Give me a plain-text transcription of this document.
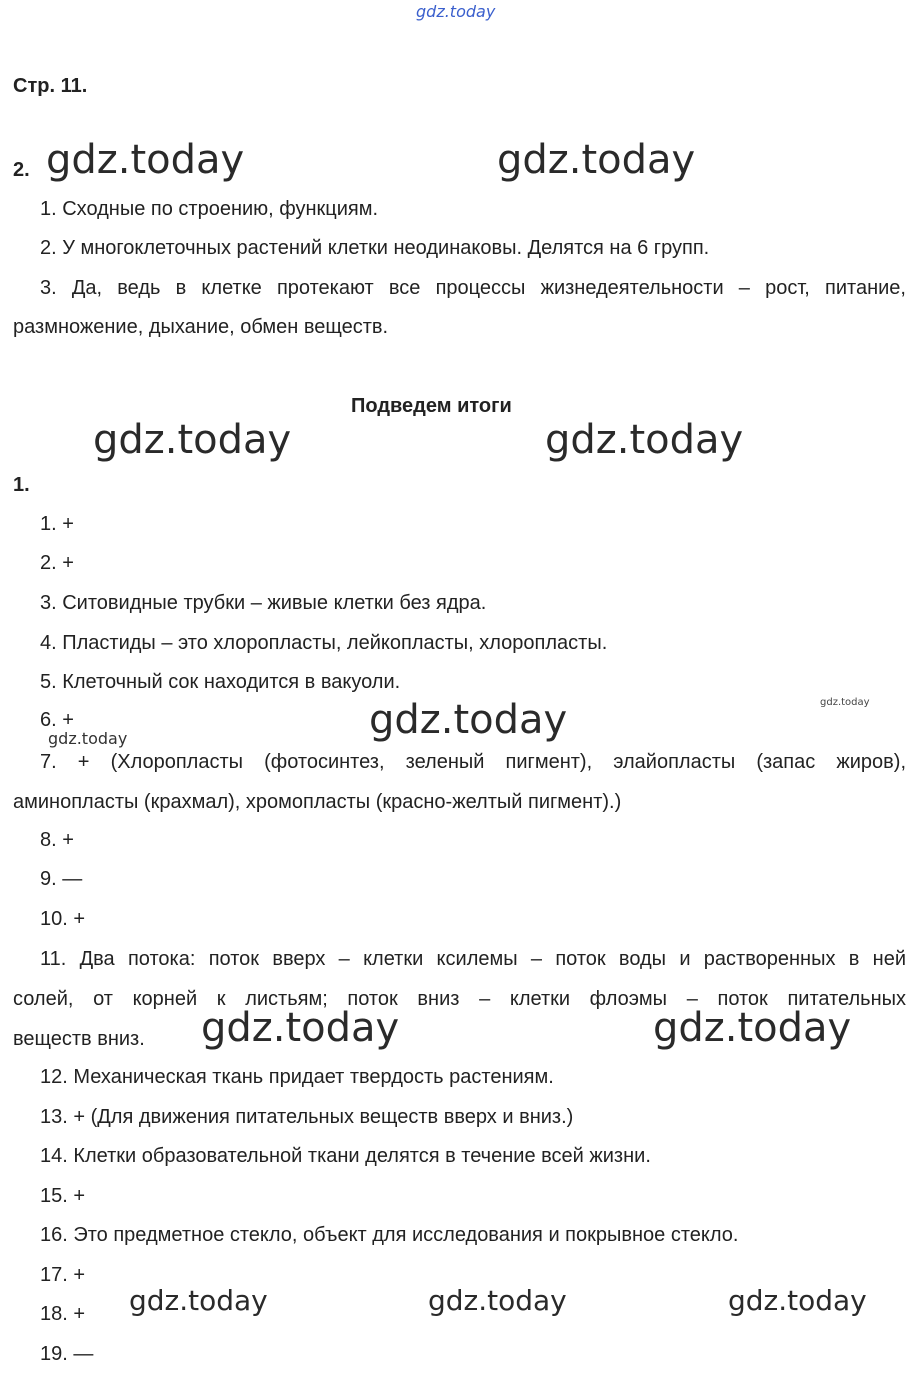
gdz.today
Стр. 11.
2. gdz.today	gdz.today
1. Сходные по строению, функциям.
2. У многоклеточных растений клетки неодинаковы. Делятся на 6 групп.
3. Да, ведь в клетке протекают все процессы жизнедеятельности – рост, питание,
размножение, дыхание, обмен веществ.
Подведем итоги
gdz.today	gdz.today
1.
1. +
2. +
3. Ситовидные трубки – живые клетки без ядра.
4. Пластиды – это хлоропласты, лейкопласты, хлоропласты.
5. Клеточный сок находится в вакуоли.
6. +	gdz.today	gdz.today
gdz.today
7. + (Хлоропласты (фотосинтез, зеленый пигмент), элайопласты (запас жиров),
аминопласты (крахмал), хромопласты (красно-желтый пигмент).)
8. +
9. —
10. +
11. Два потока: поток вверх – клетки ксилемы – поток воды и растворенных в ней
солей, от корней к листьям; поток вниз – клетки флоэмы – поток питательных
веществ вниз. gdz.today	gdz.today
12. Механическая ткань придает твердость растениям.
13. + (Для движения питательных веществ вверх и вниз.)
14. Клетки образовательной ткани делятся в течение всей жизни.
15. +
16. Это предметное стекло, объект для исследования и покрывное стекло.
17. +
18. + gdz.today	gdz.today	gdz.today
19. —
